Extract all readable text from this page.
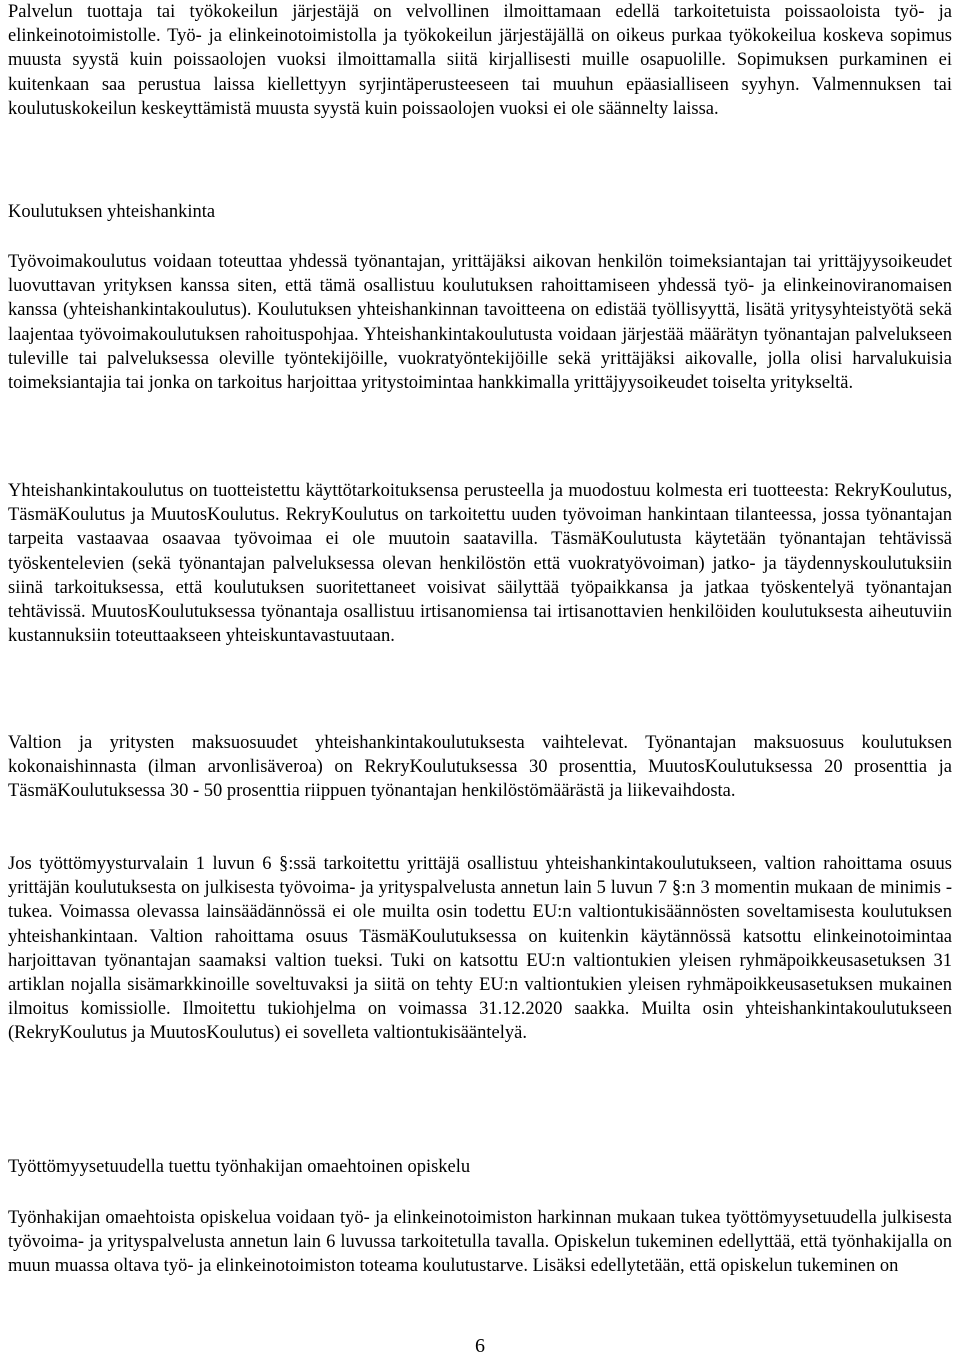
Palvelun tuottaja tai työkokeilun järjestäjä on velvollinen ilmoittamaan edellä tarkoitetuista poissaoloista työ- ja elinkeinotoimistolle. Työ- ja elinkeinotoimistolla ja työkokeilun järjestäjällä on oikeus purkaa työkokeilua koskeva sopimus muusta syystä kuin poissaolojen vuoksi ilmoittamalla siitä kirjallisesti muille osapuolille. Sopimuksen purkaminen ei kuitenkaan saa perustua laissa kiellettyyn syrjintäperusteeseen tai muuhun epäasialliseen syyhyn. Valmennuksen tai koulutuskokeilun keskeyttämistä muusta syystä kuin poissaolojen vuoksi ei ole säännelty laissa.

Koulutuksen yhteishankinta

Työvoimakoulutus voidaan toteuttaa yhdessä työnantajan, yrittäjäksi aikovan henkilön toimeksiantajan tai yrittäjyysoikeudet luovuttavan yrityksen kanssa siten, että tämä osallistuu koulutuksen rahoittamiseen yhdessä työ- ja elinkeinoviranomaisen kanssa (yhteishankintakoulutus). Koulutuksen yhteishankinnan tavoitteena on edistää työllisyyttä, lisätä yritysyhteistyötä sekä laajentaa työvoimakoulutuksen rahoituspohjaa. Yhteishankintakoulutusta voidaan järjestää määrätyn työnantajan palvelukseen tuleville tai palveluksessa oleville työntekijöille, vuokratyöntekijöille sekä yrittäjäksi aikovalle, jolla olisi harvalukuisia toimeksiantajia tai jonka on tarkoitus harjoittaa yritystoimintaa hankkimalla yrittäjyysoikeudet toiselta yritykseltä.

Yhteishankintakoulutus on tuotteistettu käyttötarkoituksensa perusteella ja muodostuu kolmesta eri tuotteesta: RekryKoulutus, TäsmäKoulutus ja MuutosKoulutus. RekryKoulutus on tarkoitettu uuden työvoiman hankintaan tilanteessa, jossa työnantajan tarpeita vastaavaa osaavaa työvoimaa ei ole muutoin saatavilla. TäsmäKoulutusta käytetään työnantajan tehtävissä työskentelevien (sekä työnantajan palveluksessa olevan henkilöstön että vuokratyövoiman) jatko- ja täydennyskoulutuksiin siinä tarkoituksessa, että koulutuksen suoritettaneet voisivat säilyttää työpaikkansa ja jatkaa työskentelyä työnantajan tehtävissä. MuutosKoulutuksessa työnantaja osallistuu irtisanomiensa tai irtisanottavien henkilöiden koulutuksesta aiheutuviin kustannuksiin toteuttaakseen yhteiskuntavastuutaan.

Valtion ja yritysten maksuosuudet yhteishankintakoulutuksesta vaihtelevat. Työnantajan maksuosuus koulutuksen kokonaishinnasta (ilman arvonlisäveroa) on RekryKoulutuksessa 30 prosenttia, MuutosKoulutuksessa 20 prosenttia ja TäsmäKoulutuksessa 30 - 50 prosenttia riippuen työnantajan henkilöstömäärästä ja liikevaihdosta.

Jos työttömyysturvalain 1 luvun 6 §:ssä tarkoitettu yrittäjä osallistuu yhteishankintakoulutukseen, valtion rahoittama osuus yrittäjän koulutuksesta on julkisesta työvoima- ja yrityspalvelusta annetun lain 5 luvun 7 §:n 3 momentin mukaan de minimis -tukea. Voimassa olevassa lainsäädännössä ei ole muilta osin todettu EU:n valtiontukisäännösten soveltamisesta koulutuksen yhteishankintaan. Valtion rahoittama osuus TäsmäKoulutuksessa on kuitenkin käytännössä katsottu elinkeinotoimintaa harjoittavan työnantajan saamaksi valtion tueksi. Tuki on katsottu EU:n valtiontukien yleisen ryhmäpoikkeusasetuksen 31 artiklan nojalla sisämarkkinoille soveltuvaksi ja siitä on tehty EU:n valtiontukien yleisen ryhmäpoikkeusasetuksen mukainen ilmoitus komissiolle. Ilmoitettu tukiohjelma on voimassa 31.12.2020 saakka. Muilta osin yhteishankintakoulutukseen (RekryKoulutus ja MuutosKoulutus) ei sovelleta valtiontukisääntelyä.

Työttömyysetuudella tuettu työnhakijan omaehtoinen opiskelu

Työnhakijan omaehtoista opiskelua voidaan työ- ja elinkeinotoimiston harkinnan mukaan tukea työttömyysetuudella julkisesta työvoima- ja yrityspalvelusta annetun lain 6 luvussa tarkoitetulla tavalla. Opiskelun tukeminen edellyttää, että työnhakijalla on muun muassa oltava työ- ja elinkeinotoimiston toteama koulutustarve. Lisäksi edellytetään, että opiskelun tukeminen on

6
